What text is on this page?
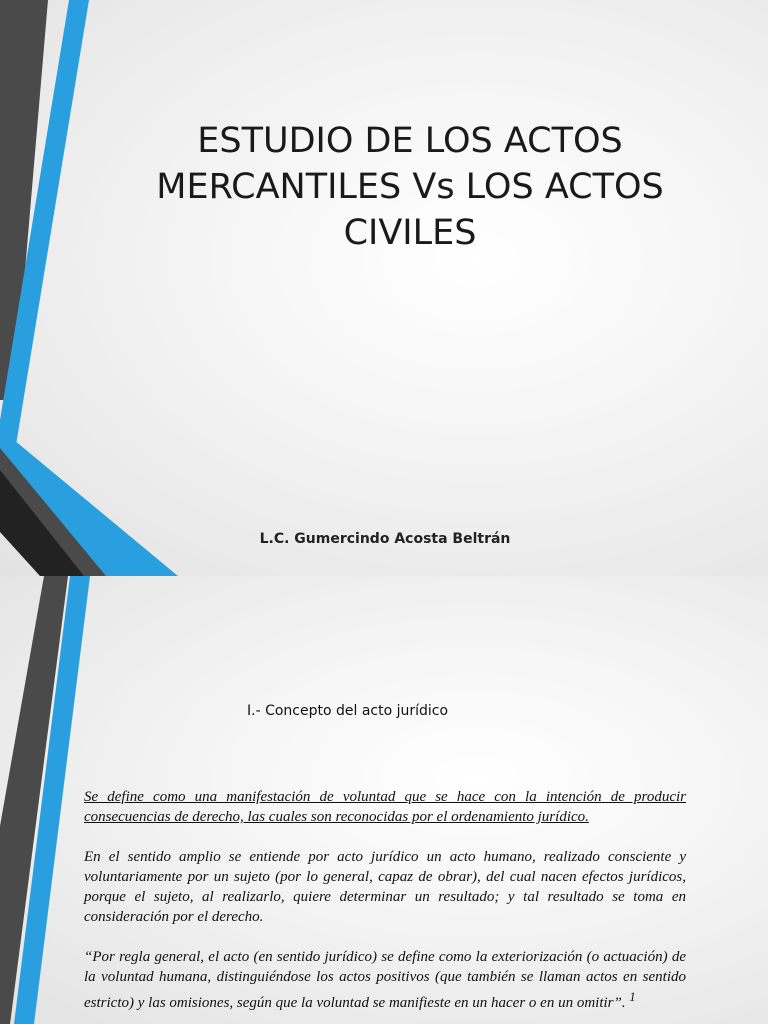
ESTUDIO DE LOS ACTOS
MERCANTILES Vs LOS ACTOS
CIVILES

L.C. Gumercindo Acosta Beltrán

I.- Concepto del acto jurídico

Se define como una manifestación de voluntad que se hace con la intención de producir consecuencias de derecho, las cuales son reconocidas por el ordenamiento jurídico.

En el sentido amplio se entiende por acto jurídico un acto humano, realizado consciente y voluntariamente por un sujeto (por lo general, capaz de obrar), del cual nacen efectos jurídicos, porque el sujeto, al realizarlo, quiere determinar un resultado; y tal resultado se toma en consideración por el derecho.

“Por regla general, el acto (en sentido jurídico) se define como la exteriorización (o actuación) de la voluntad humana, distinguiéndose los actos positivos (que también se llaman actos en sentido estricto) y las omisiones, según que la voluntad se manifieste en un hacer o en un omitir”. $^1$
